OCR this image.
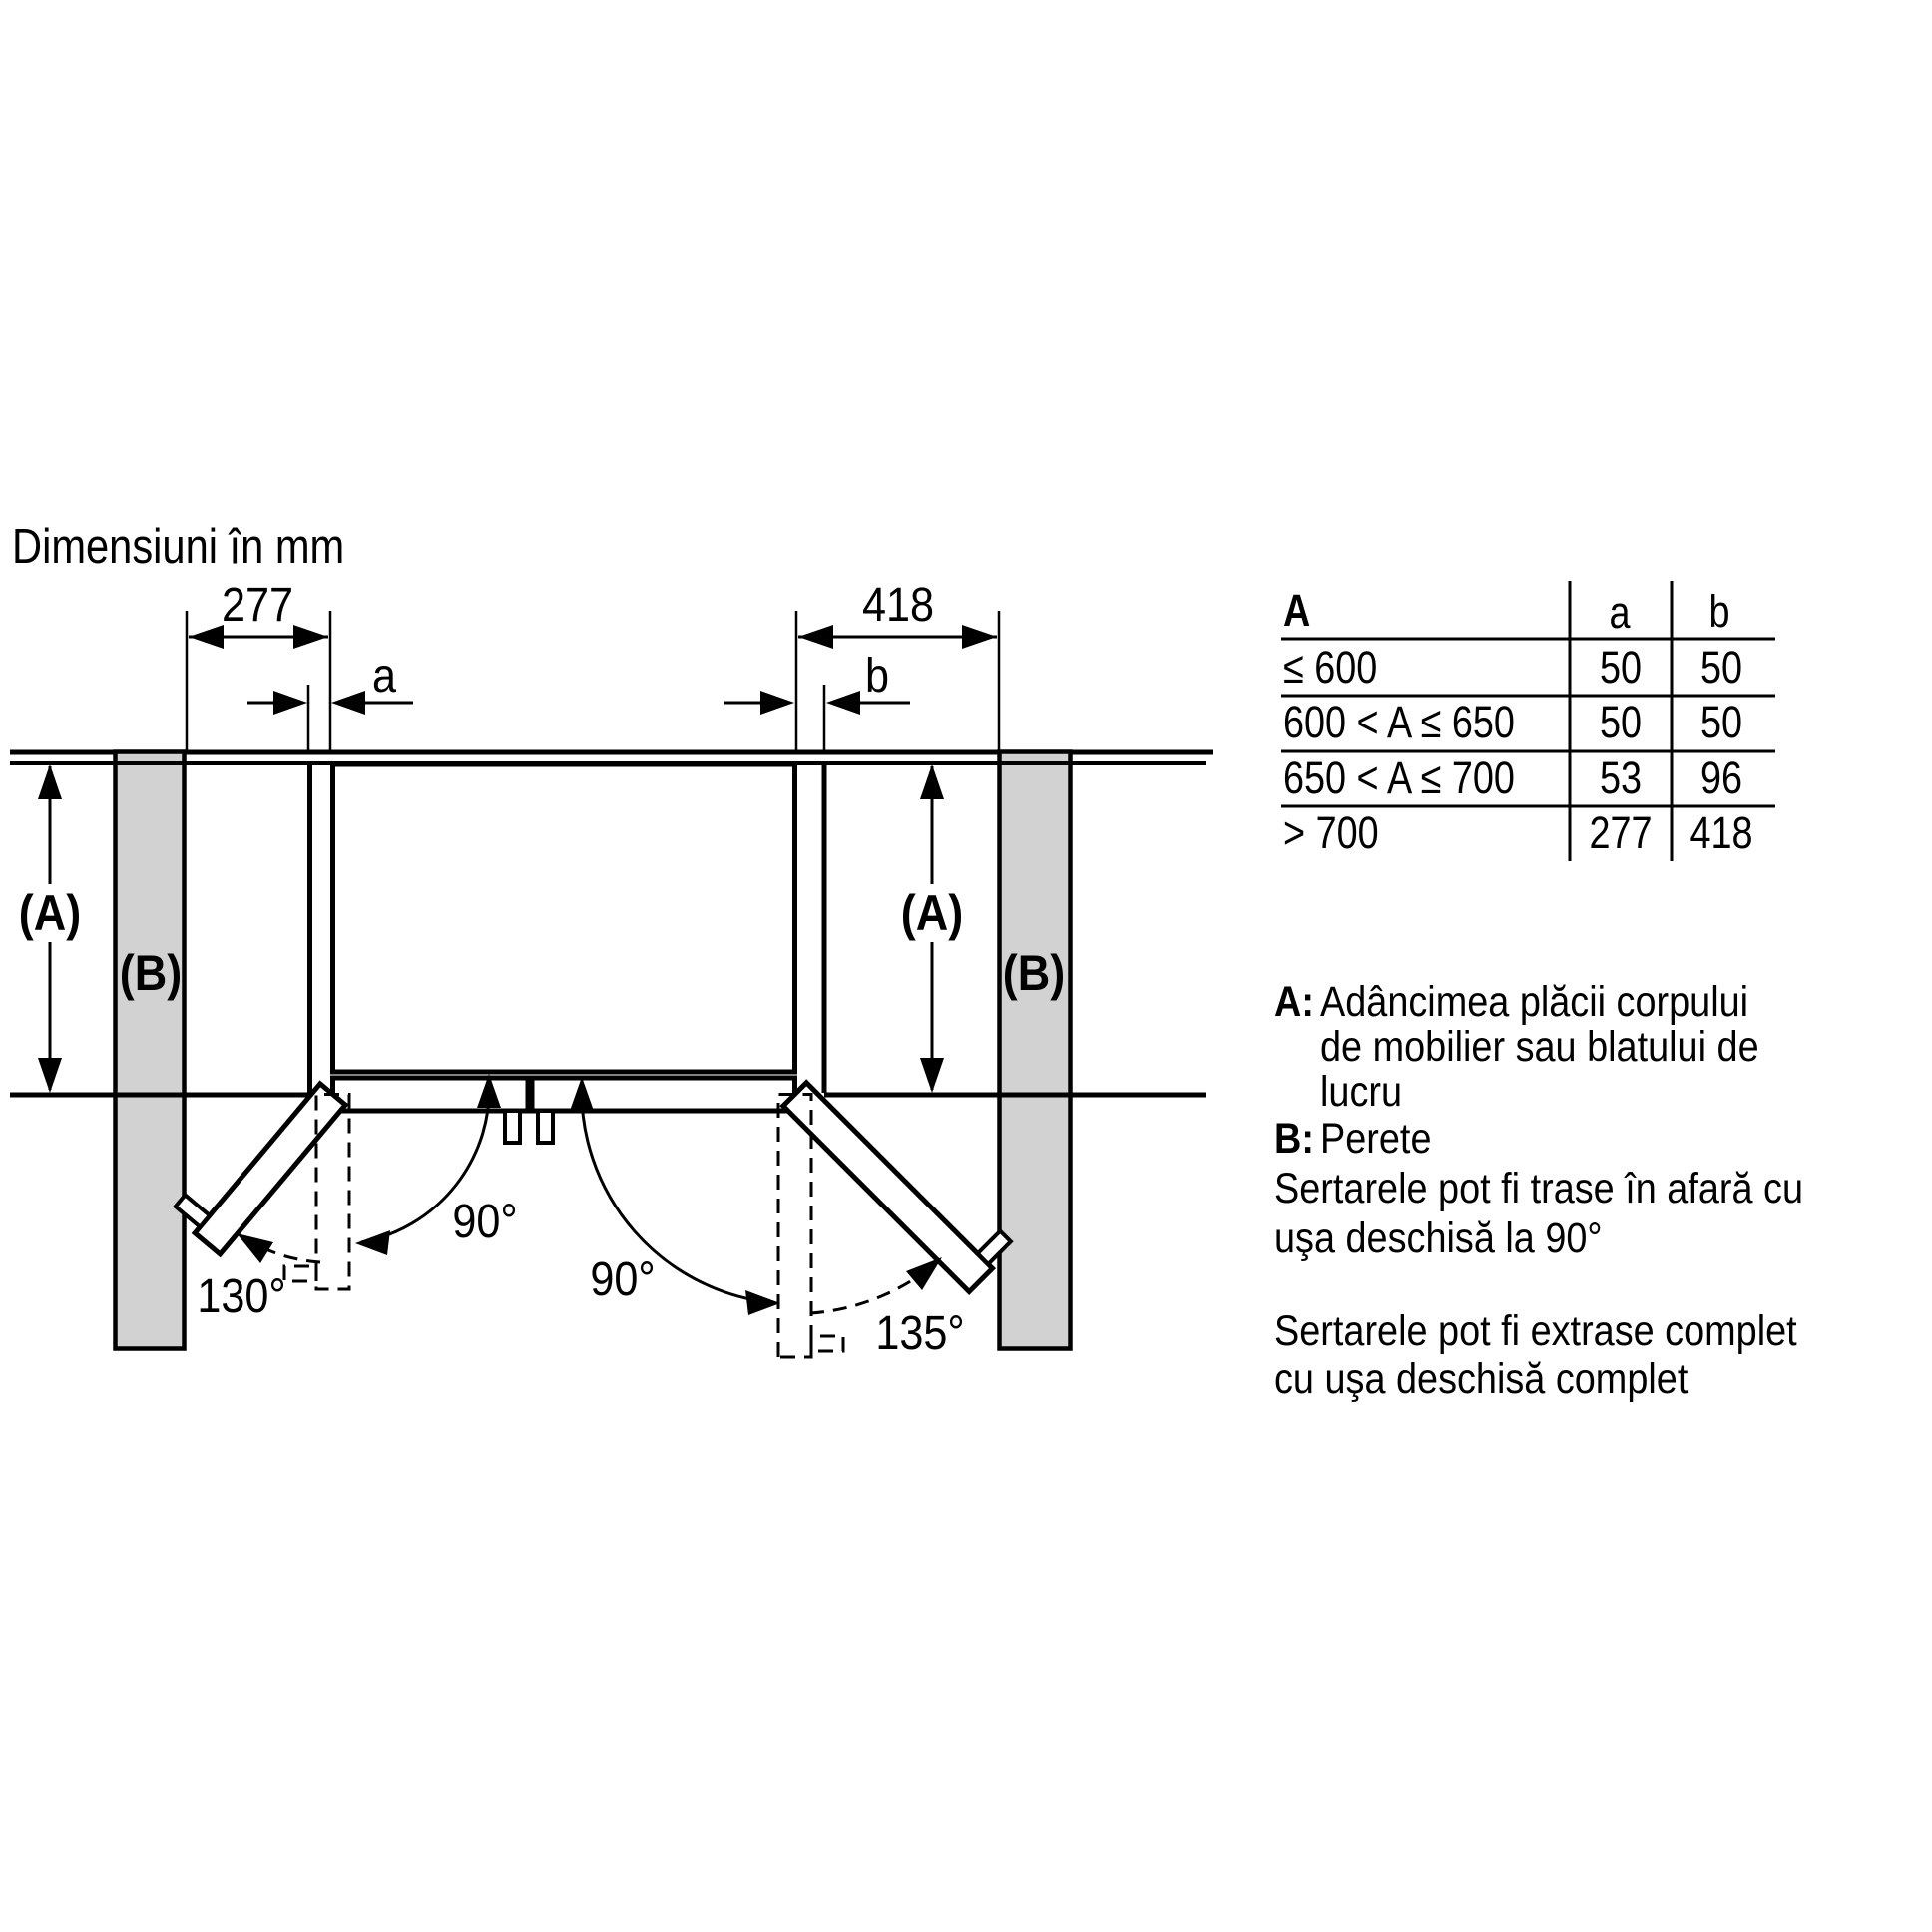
Dimensiuni în mm
277	418
a	b
(A)	(A)
(B)	(B)
130°
90°
90°
135°
A	a b
≤ 600	50 50
600 < A ≤ 650 50 50
650 < A ≤ 700 53 96
> 700	277 418
A: Adâncimea plăcii corpului
de mobilier sau blatului de
lucru
B: Perete
Sertarele pot fi trase în afară cu
uşa deschisă la 90°
Sertarele pot fi extrase complet
cu uşa deschisă complet
